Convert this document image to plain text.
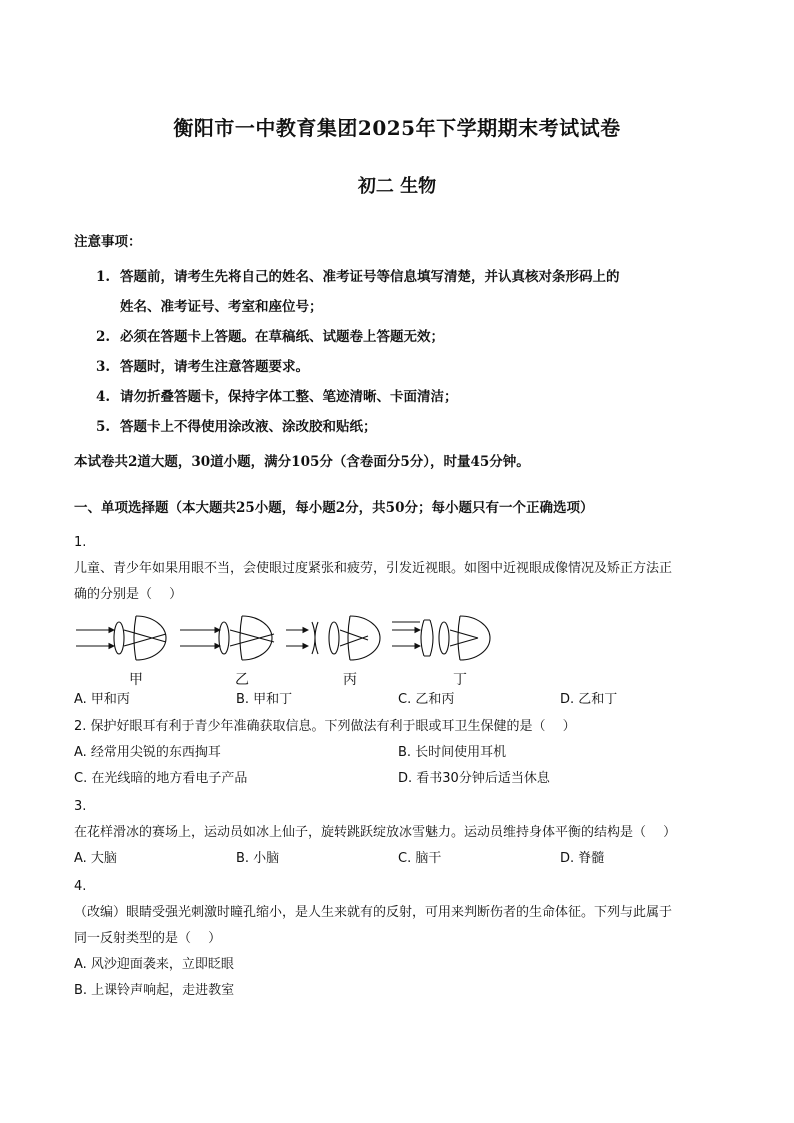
衡阳市一中教育集团2025年下学期期末考试试卷
初二 生物
注意事项：
1. 答题前，请考生先将自己的姓名、准考证号等信息填写清楚，并认真核对条形码上的
姓名、准考证号、考室和座位号；
2. 必须在答题卡上答题。在草稿纸、试题卷上答题无效；
3. 答题时，请考生注意答题要求。
4. 请勿折叠答题卡，保持字体工整、笔迹清晰、卡面清洁；
5. 答题卡上不得使用涂改液、涂改胶和贴纸；
本试卷共2道大题，30道小题，满分105分（含卷面分5分），时量45分钟。
一、单项选择题（本大题共25小题，每小题2分，共50分；每小题只有一个正确选项）
1.
儿童、青少年如果用眼不当，会使眼过度紧张和疲劳，引发近视眼。如图中近视眼成像情况及矫正方法正
确的分别是（　 ）
甲	乙	丙	丁
A. 甲和丙	B. 甲和丁	C. 乙和丙	D. 乙和丁
2. 保护好眼耳有利于青少年准确获取信息。下列做法有利于眼或耳卫生保健的是（　 ）
A. 经常用尖锐的东西掏耳	B. 长时间使用耳机
C. 在光线暗的地方看电子产品	D. 看书30分钟后适当休息
3.
在花样滑冰的赛场上，运动员如冰上仙子，旋转跳跃绽放冰雪魅力。运动员维持身体平衡的结构是（　 ）
A. 大脑	B. 小脑	C. 脑干	D. 脊髓
4.
（改编）眼睛受强光刺激时瞳孔缩小，是人生来就有的反射，可用来判断伤者的生命体征。下列与此属于
同一反射类型的是（　 ）
A. 风沙迎面袭来，立即眨眼
B. 上课铃声响起，走进教室
